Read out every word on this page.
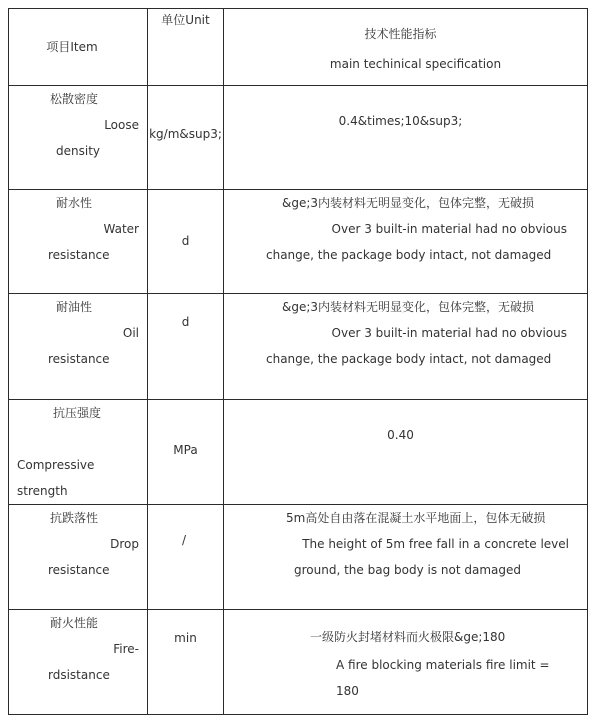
项目Item	单位Unit	技术性能指标
main techinical specification

松散密度
Loose
density	kg/m&sup3;	0.4&times;10&sup3;

耐水性
Water
resistance	d	&ge;3内装材料无明显变化，包体完整，无破损
Over 3 built-in material had no obvious
change, the package body intact, not damaged

耐油性
Oil
resistance	d	&ge;3内装材料无明显变化，包体完整，无破损
Over 3 built-in material had no obvious
change, the package body intact, not damaged

抗压强度
Compressive strength	MPa	0.40

抗跌落性
Drop
resistance	/	5m高处自由落在混凝土水平地面上，包体无破损
The height of 5m free fall in a concrete level
ground, the bag body is not damaged

耐火性能
Fire-
rdsistance	min	一级防火封堵材料而火极限&ge;180
A fire blocking materials fire limit = 180
